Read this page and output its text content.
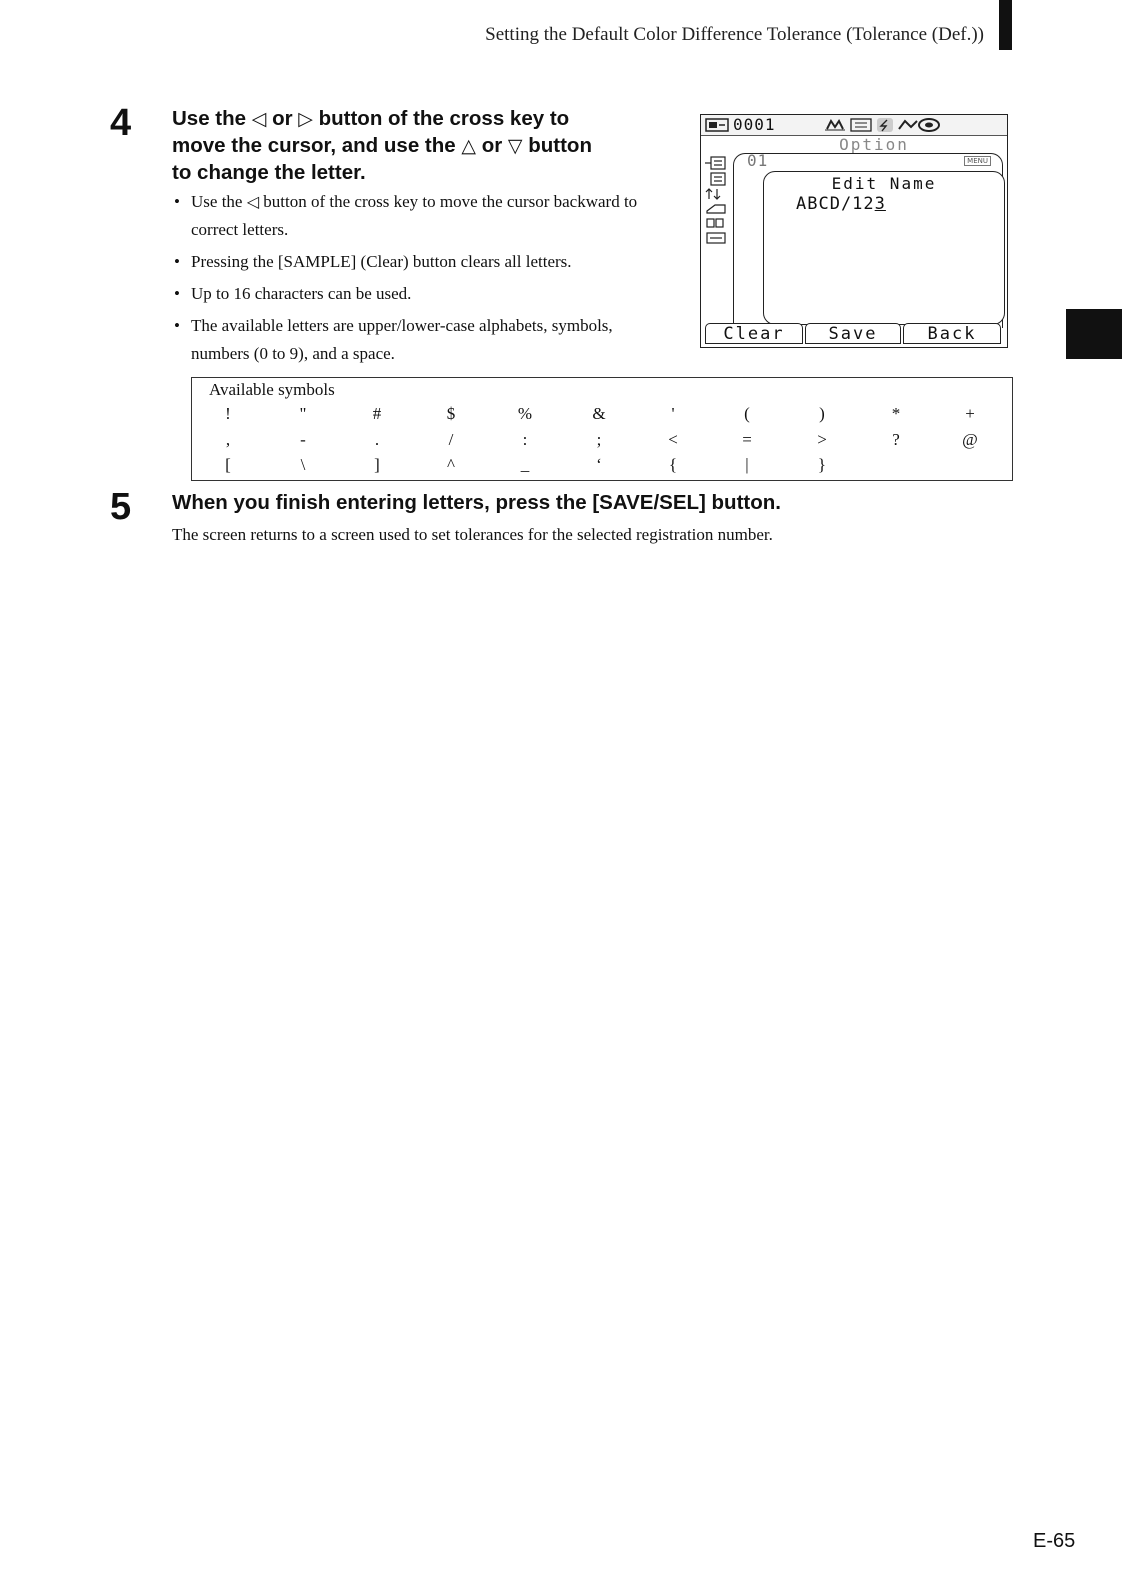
Setting the Default Color Difference Tolerance (Tolerance (Def.))
4 Use the ◁ or ▷ button of the cross key to
move the cursor, and use the △ or ▽ button
to change the letter.
• Use the ◁ button of the cross key to move the cursor backward to correct letters.
• Pressing the [SAMPLE] (Clear) button clears all letters.
• Up to 16 characters can be used.
• The available letters are upper/lower-case alphabets, symbols, numbers (0 to 9), and a space.
0001
Option
01	MENU
Edit Name
ABCD/123
Clear	Save	Back
Available symbols
!	"	#	$	%	&	'	(	)	*	+
,	-	.	/	:	;	<	=	>	?	@
[	\	]	^	_	‘	{	|	}
5 When you finish entering letters, press the [SAVE/SEL] button.
The screen returns to a screen used to set tolerances for the selected registration number.
E-65
